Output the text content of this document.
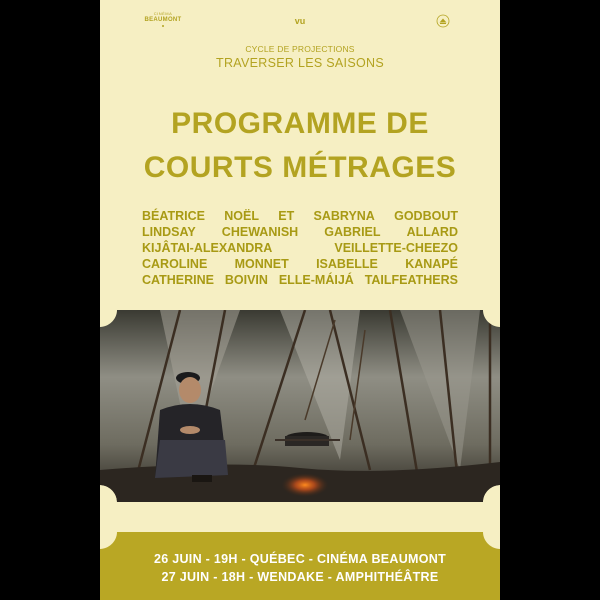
CINÉMA
BEAUMONT	vu
CYCLE DE PROJECTIONS
TRAVERSER LES SAISONS
PROGRAMME DE
COURTS MÉTRAGES
BÉATRICE NOËL ET SABRYNA GODBOUT
LINDSAY CHEWANISH GABRIEL ALLARD
KIJÂTAI-ALEXANDRA	VEILLETTE-CHEEZO
CAROLINE MONNET ISABELLE KANAPÉ
CATHERINE BOIVIN ELLE-MÁIJÁ TAILFEATHERS
26 JUIN - 19H - QUÉBEC - CINÉMA BEAUMONT
27 JUIN - 18H - WENDAKE - AMPHITHÉÂTRE
